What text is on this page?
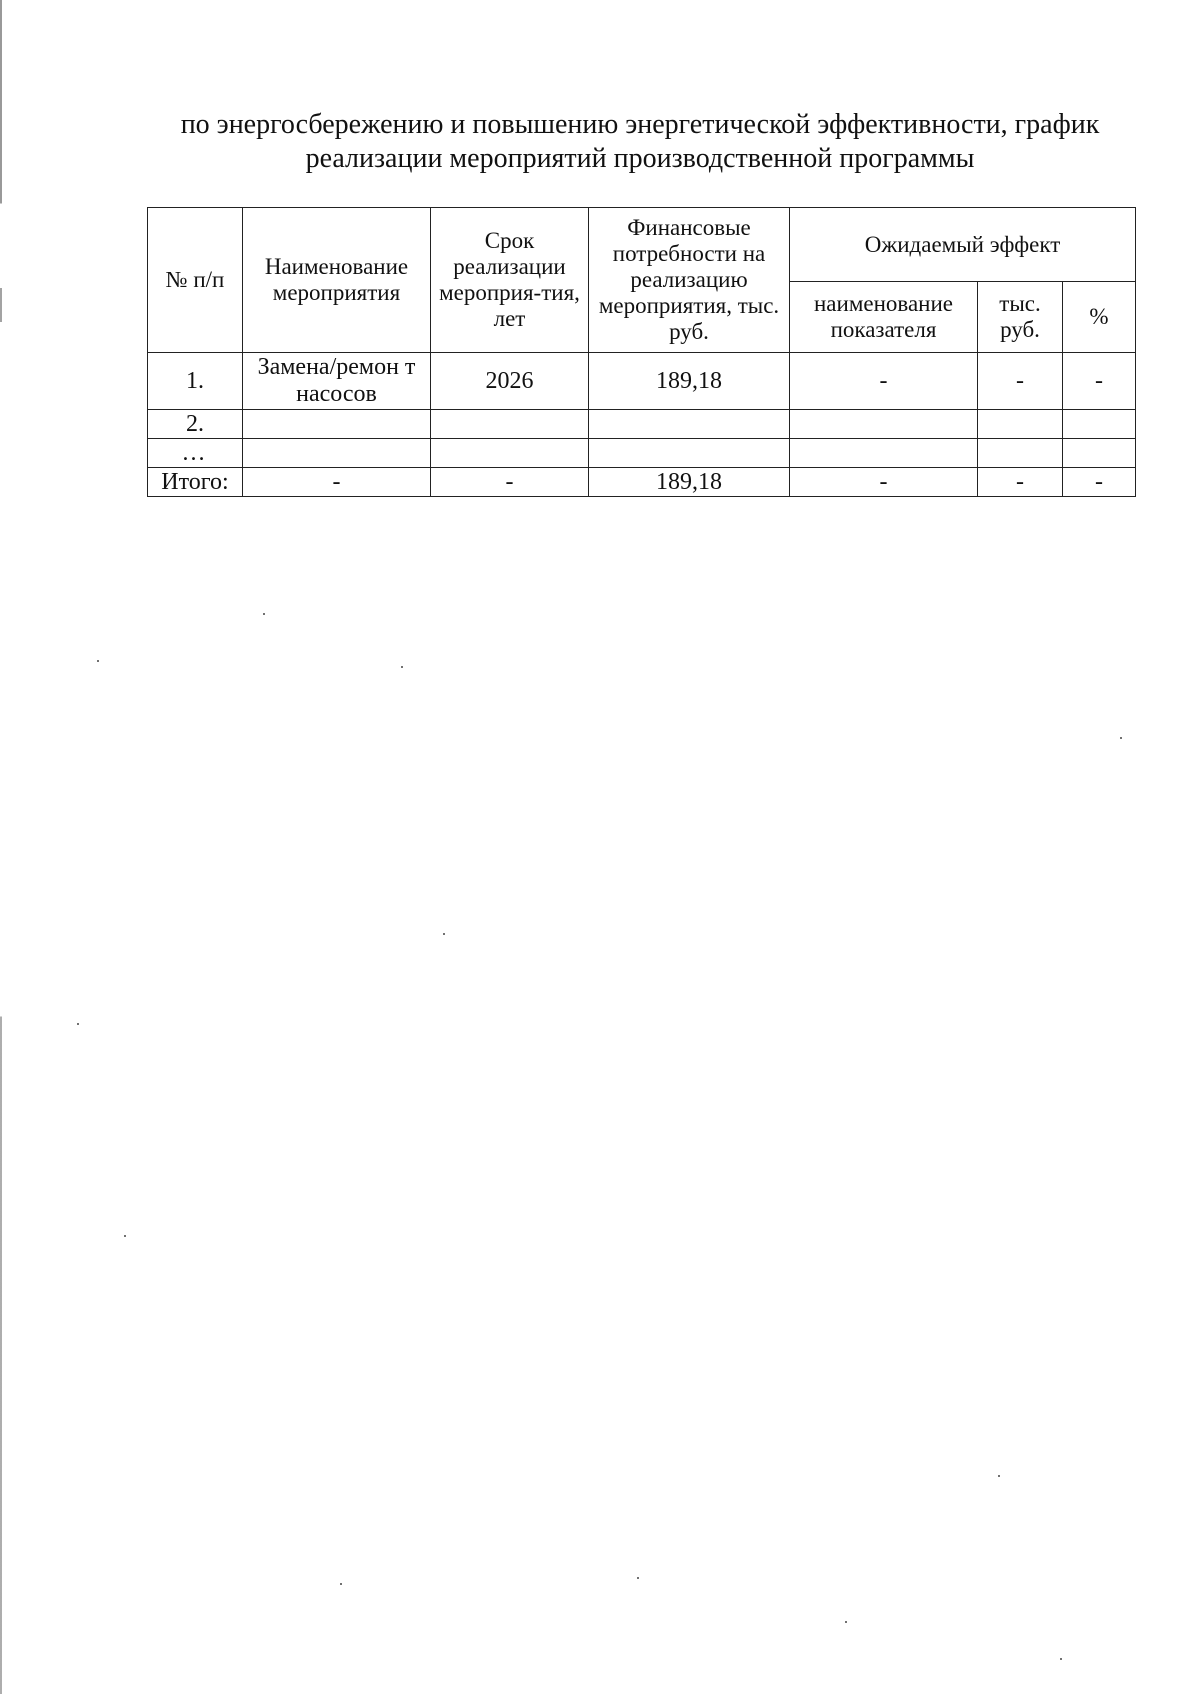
по энергосбережению и повышению энергетической эффективности, график
реализации мероприятий производственной программы
№ п/п	Наименование мероприятия	Срок реализации мероприя-тия, лет	Финансовые потребности на реализацию мероприятия, тыс. руб.	Ожидаемый эффект		
				наименование показателя	тыс. руб.	%
1.	Замена/ремон т насосов	2026	189,18	-	-	-
2.						
…						
Итого:	-	-	189,18	-	-	-
